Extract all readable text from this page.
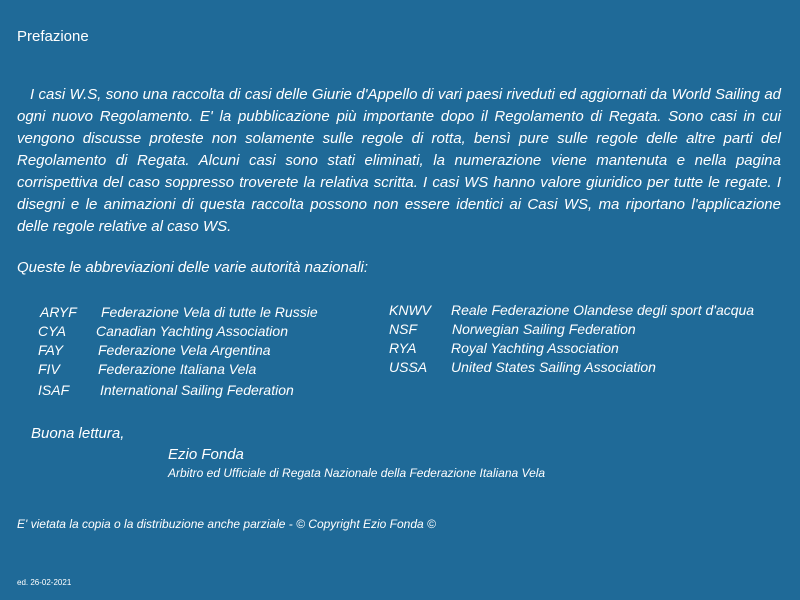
Prefazione

I casi W.S, sono una raccolta di casi delle Giurie d'Appello di vari paesi riveduti ed aggiornati da World Sailing ad ogni nuovo Regolamento. E' la pubblicazione più importante dopo il Regolamento di Regata. Sono casi in cui vengono discusse proteste non solamente sulle regole di rotta, bensì pure sulle regole delle altre parti del Regolamento di Regata. Alcuni casi sono stati eliminati, la numerazione viene mantenuta e nella pagina corrispettiva del caso soppresso troverete la relativa scritta. I casi WS hanno valore giuridico per tutte le regate. I disegni e le animazioni di questa raccolta possono non essere identici ai Casi WS, ma riportano l'applicazione delle regole relative al caso WS.

Queste le abbreviazioni delle varie autorità nazionali:
ARYF Federazione Vela di tutte le Russie
CYA Canadian Yachting Association
FAY Federazione Vela Argentina
FIV	Federazione Italiana Vela
ISAF International Sailing Federation
KNWV Reale Federazione Olandese degli sport d'acqua
NSF	Norwegian Sailing Federation
RYA Royal Yachting Association
USSA United States Sailing Association
Buona lettura,
Ezio Fonda
Arbitro ed Ufficiale di Regata Nazionale della Federazione Italiana Vela
E' vietata la copia o la distribuzione anche parziale - © Copyright Ezio Fonda ©
ed. 26-02-2021
